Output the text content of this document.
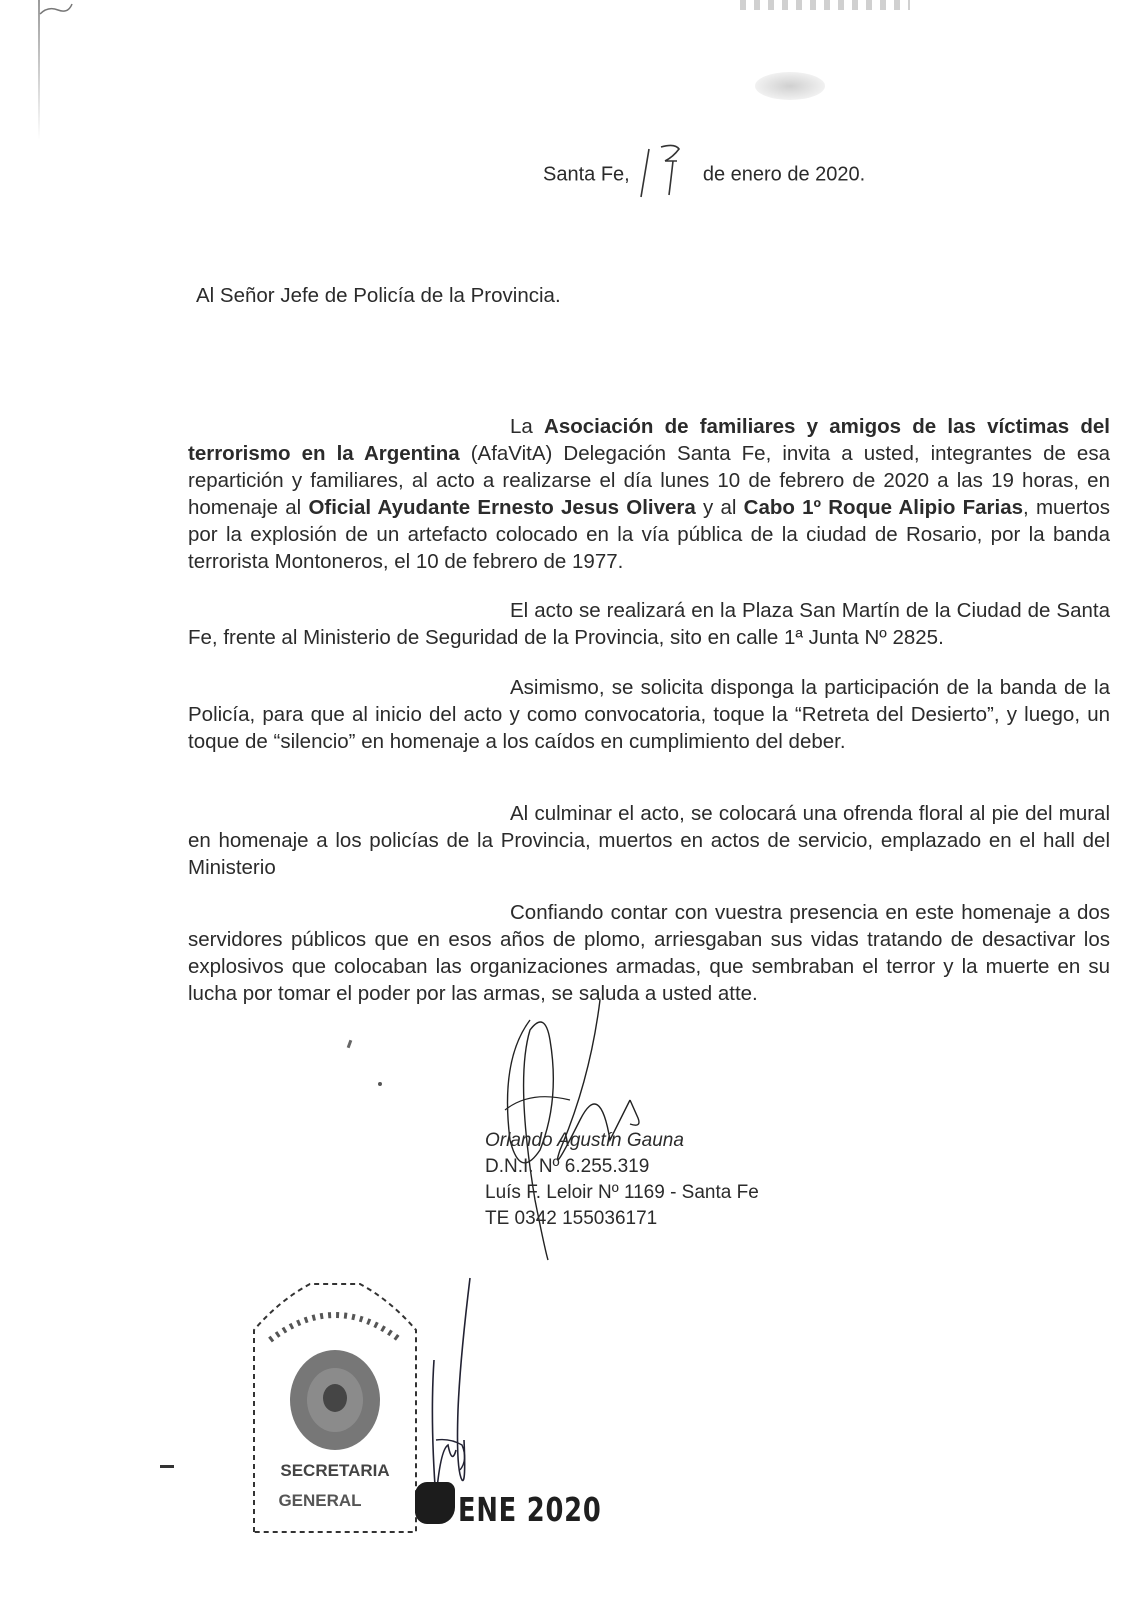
Santa Fe,	de enero de 2020.
Al Señor Jefe de Policía de la Provincia.
La Asociación de familiares y amigos de las víctimas del terrorismo en la Argentina (AfaVitA) Delegación Santa Fe, invita a usted, integrantes de esa repartición y familiares, al acto a realizarse el día lunes 10 de febrero de 2020 a las 19 horas, en homenaje al Oficial Ayudante Ernesto Jesus Olivera y al Cabo 1º Roque Alipio Farias, muertos por la explosión de un artefacto colocado en la vía pública de la ciudad de Rosario, por la banda terrorista Montoneros, el 10 de febrero de 1977.
El acto se realizará en la Plaza San Martín de la Ciudad de Santa Fe, frente al Ministerio de Seguridad de la Provincia, sito en calle 1ª Junta Nº 2825.
Asimismo, se solicita disponga la participación de la banda de la Policía, para que al inicio del acto y como convocatoria, toque la “Retreta del Desierto”, y luego, un toque de “silencio” en homenaje a los caídos en cumplimiento del deber.
Al culminar el acto, se colocará una ofrenda floral al pie del mural en homenaje a los policías de la Provincia, muertos en actos de servicio, emplazado en el hall del Ministerio
Confiando contar con vuestra presencia en este homenaje a dos servidores públicos que en esos años de plomo, arriesgaban sus vidas tratando de desactivar los explosivos que colocaban las organizaciones armadas, que sembraban el terror y la muerte en su lucha por tomar el poder por las armas, se saluda a usted atte.
Orlando Agustín Gauna
D.N.I. Nº 6.255.319
Luís F. Leloir Nº 1169 - Santa Fe
TE 0342 155036171
SECRETARIA
GENERAL	ENE 2020
